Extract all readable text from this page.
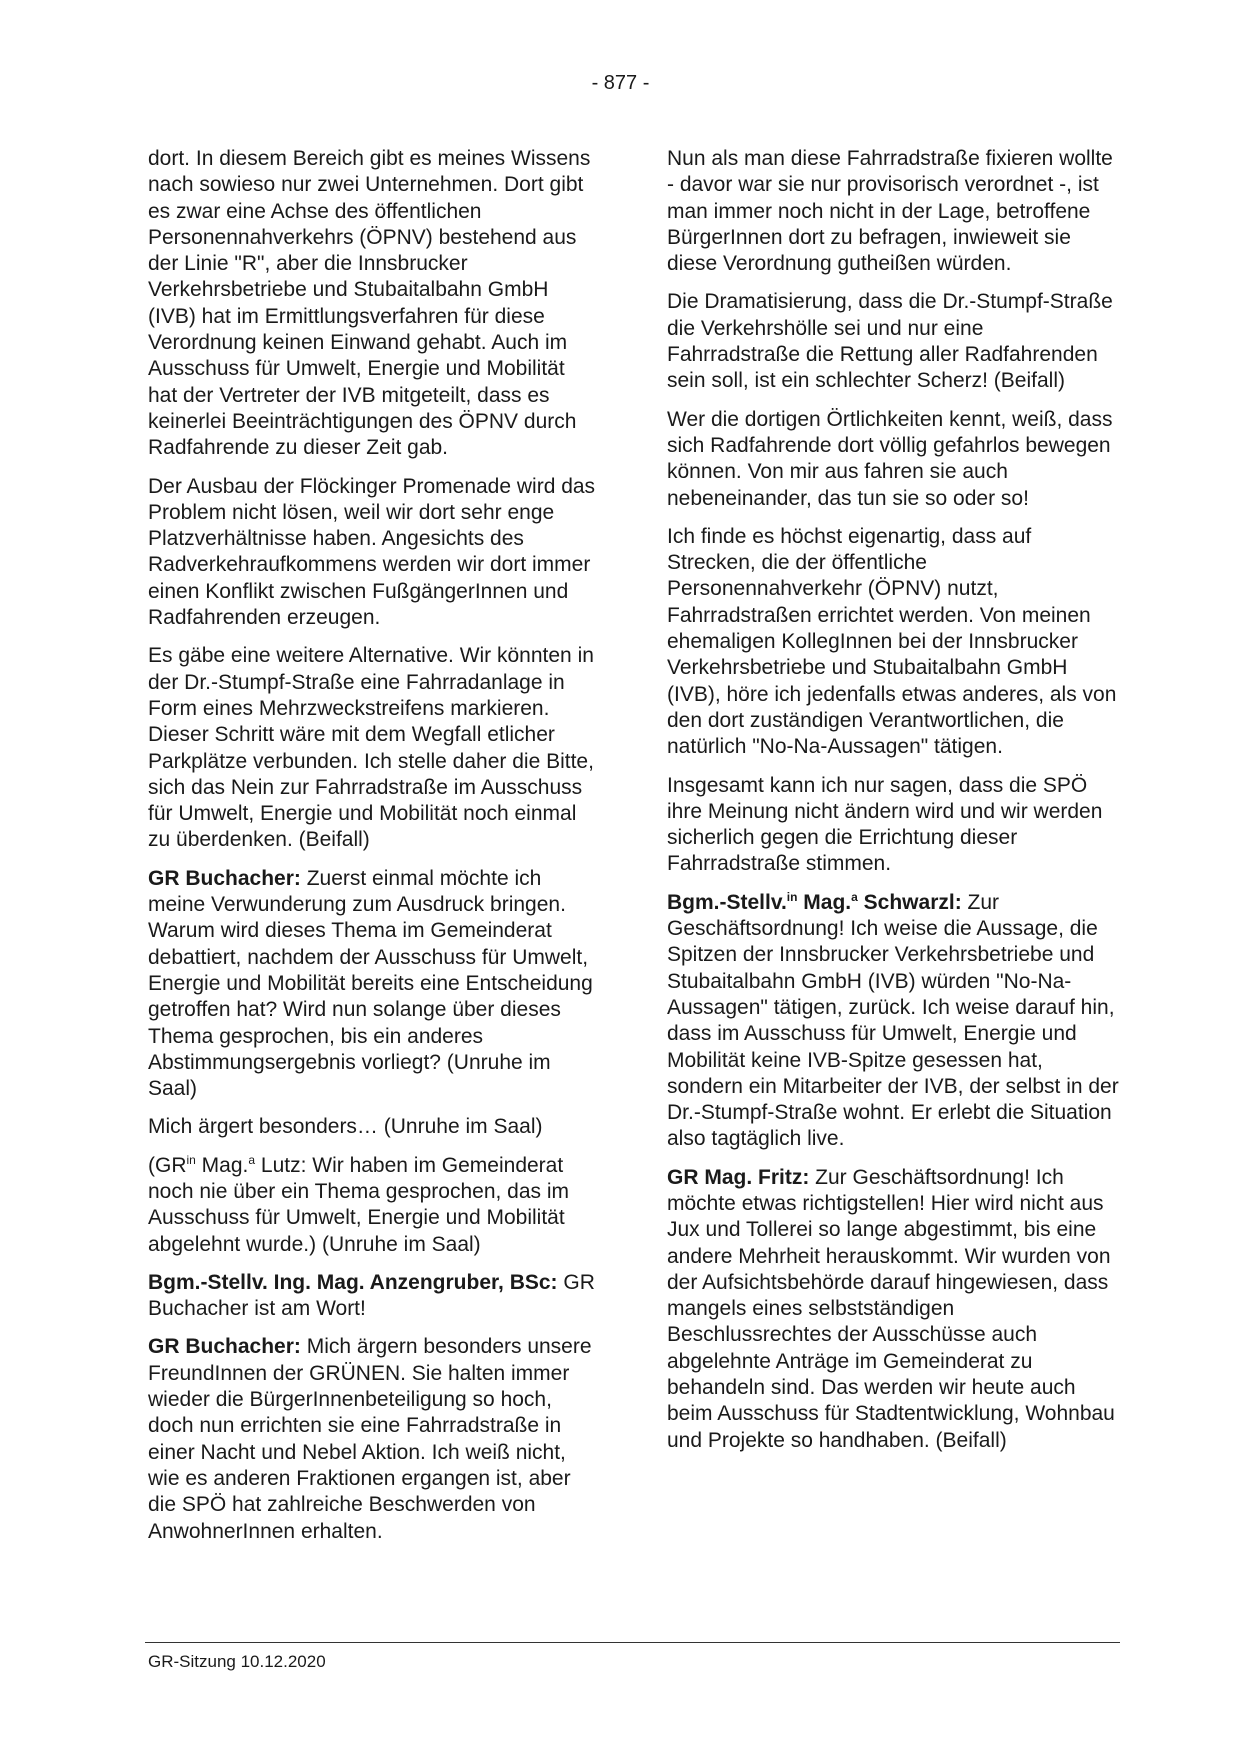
- 877 -

dort. In diesem Bereich gibt es meines Wissens nach sowieso nur zwei Unternehmen. Dort gibt es zwar eine Achse des öffentlichen Personennahverkehrs (ÖPNV) bestehend aus der Linie "R", aber die Innsbrucker Verkehrsbetriebe und Stubaitalbahn GmbH (IVB) hat im Ermittlungsverfahren für diese Verordnung keinen Einwand gehabt. Auch im Ausschuss für Umwelt, Energie und Mobilität hat der Vertreter der IVB mitgeteilt, dass es keinerlei Beeinträchtigungen des ÖPNV durch Radfahrende zu dieser Zeit gab.

Der Ausbau der Flöckinger Promenade wird das Problem nicht lösen, weil wir dort sehr enge Platzverhältnisse haben. Angesichts des Radverkehraufkommens werden wir dort immer einen Konflikt zwischen FußgängerInnen und Radfahrenden erzeugen.

Es gäbe eine weitere Alternative. Wir könnten in der Dr.-Stumpf-Straße eine Fahrradanlage in Form eines Mehrzweckstreifens markieren. Dieser Schritt wäre mit dem Wegfall etlicher Parkplätze verbunden. Ich stelle daher die Bitte, sich das Nein zur Fahrradstraße im Ausschuss für Umwelt, Energie und Mobilität noch einmal zu überdenken. (Beifall)

GR Buchacher: Zuerst einmal möchte ich meine Verwunderung zum Ausdruck bringen. Warum wird dieses Thema im Gemeinderat debattiert, nachdem der Ausschuss für Umwelt, Energie und Mobilität bereits eine Entscheidung getroffen hat? Wird nun solange über dieses Thema gesprochen, bis ein anderes Abstimmungsergebnis vorliegt? (Unruhe im Saal)

Mich ärgert besonders… (Unruhe im Saal)

($GR^{in}$ Mag.$^a$ Lutz: Wir haben im Gemeinderat noch nie über ein Thema gesprochen, das im Ausschuss für Umwelt, Energie und Mobilität abgelehnt wurde.) (Unruhe im Saal)

Bgm.-Stellv. Ing. Mag. Anzengruber, BSc: GR Buchacher ist am Wort!

GR Buchacher: Mich ärgern besonders unsere FreundInnen der GRÜNEN. Sie halten immer wieder die BürgerInnenbeteiligung so hoch, doch nun errichten sie eine Fahrradstraße in einer Nacht und Nebel Aktion. Ich weiß nicht, wie es anderen Fraktionen ergangen ist, aber die SPÖ hat zahlreiche Beschwerden von AnwohnerInnen erhalten.

Nun als man diese Fahrradstraße fixieren wollte - davor war sie nur provisorisch verordnet -, ist man immer noch nicht in der Lage, betroffene BürgerInnen dort zu befragen, inwieweit sie diese Verordnung gutheißen würden.

Die Dramatisierung, dass die Dr.-Stumpf-Straße die Verkehrshölle sei und nur eine Fahrradstraße die Rettung aller Radfahrenden sein soll, ist ein schlechter Scherz! (Beifall)

Wer die dortigen Örtlichkeiten kennt, weiß, dass sich Radfahrende dort völlig gefahrlos bewegen können. Von mir aus fahren sie auch nebeneinander, das tun sie so oder so!

Ich finde es höchst eigenartig, dass auf Strecken, die der öffentliche Personennahverkehr (ÖPNV) nutzt, Fahrradstraßen errichtet werden. Von meinen ehemaligen KollegInnen bei der Innsbrucker Verkehrsbetriebe und Stubaitalbahn GmbH (IVB), höre ich jedenfalls etwas anderes, als von den dort zuständigen Verantwortlichen, die natürlich "No-Na-Aussagen" tätigen.

Insgesamt kann ich nur sagen, dass die SPÖ ihre Meinung nicht ändern wird und wir werden sicherlich gegen die Errichtung dieser Fahrradstraße stimmen.

Bgm.-Stellv.$^{in}$ Mag.$^a$ Schwarzl: Zur Geschäftsordnung! Ich weise die Aussage, die Spitzen der Innsbrucker Verkehrsbetriebe und Stubaitalbahn GmbH (IVB) würden "No-Na-Aussagen" tätigen, zurück. Ich weise darauf hin, dass im Ausschuss für Umwelt, Energie und Mobilität keine IVB-Spitze gesessen hat, sondern ein Mitarbeiter der IVB, der selbst in der Dr.-Stumpf-Straße wohnt. Er erlebt die Situation also tagtäglich live.

GR Mag. Fritz: Zur Geschäftsordnung! Ich möchte etwas richtigstellen! Hier wird nicht aus Jux und Tollerei so lange abgestimmt, bis eine andere Mehrheit herauskommt. Wir wurden von der Aufsichtsbehörde darauf hingewiesen, dass mangels eines selbstständigen Beschlussrechtes der Ausschüsse auch abgelehnte Anträge im Gemeinderat zu behandeln sind. Das werden wir heute auch beim Ausschuss für Stadtentwicklung, Wohnbau und Projekte so handhaben. (Beifall)

GR-Sitzung 10.12.2020
